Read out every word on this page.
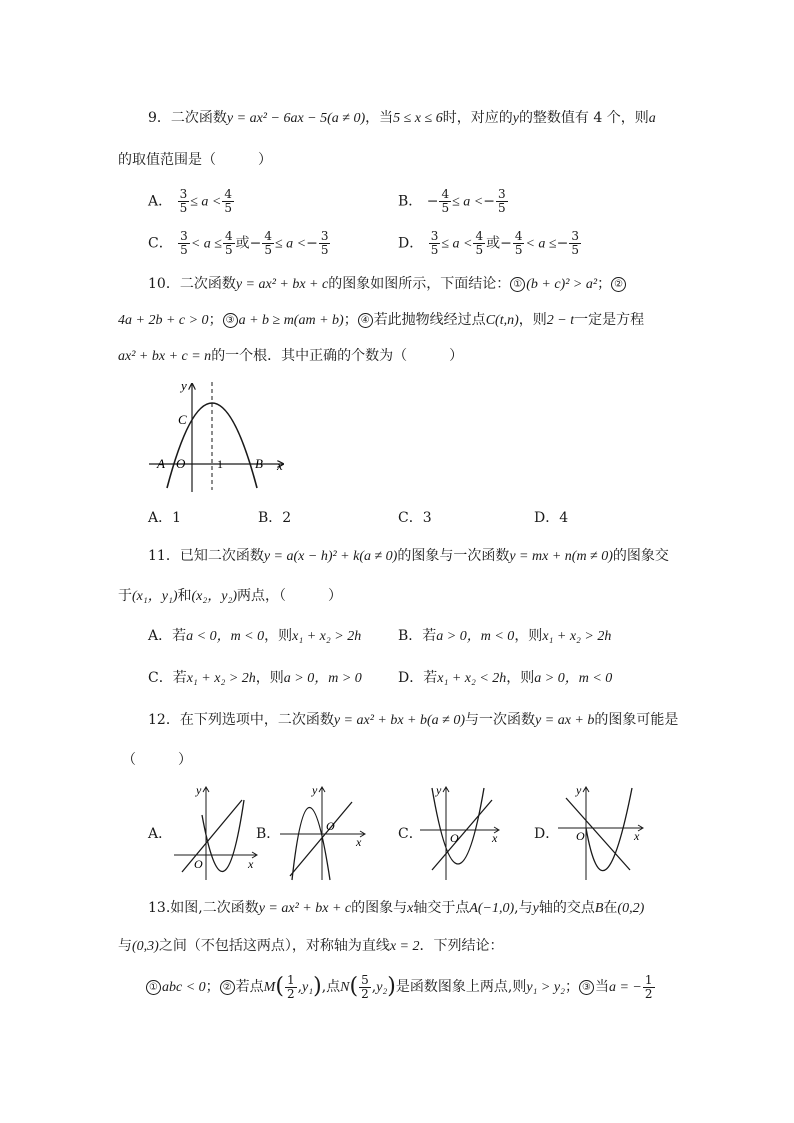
9．二次函数y = ax² − 6ax − 5(a ≠ 0)，当5 ≤ x ≤ 6时，对应的y的整数值有 4 个，则a
的取值范围是（　　　）
A． $\frac{3}{5} \le a < \frac{4}{5}$	B． − $\frac{4}{5} \le a <- \frac{3}{5}$
C． $\frac{3}{5} < a \le \frac{4}{5}$ 或− $\frac{4}{5} \le a <- \frac{3}{5}$	D． $\frac{3}{5} \le a < \frac{4}{5}$ 或− $\frac{4}{5} < a \le- \frac{3}{5}$
10．二次函数y = ax² + bx + c的图象如图所示，下面结论： ① (b + c)² > a²； ②
4a + 2b + c > 0； ③ a + b ≥ m(am + b)； ④ 若此抛物线经过点C(t,n)，则2 − t一定是方程
ax² + bx + c = n的一个根．其中正确的个数为（　　　）
y
x
C
A O	1 B
A．1	B．2	C．3	D．4
11．已知二次函数y = a(x − h)² + k(a ≠ 0)的图象与一次函数y = mx + n(m ≠ 0)的图象交
于(x₁，y₁)和(x₂，y₂)两点，（　　　）
A．若a < 0，m < 0，则x₁ + x₂ > 2h	B．若a > 0，m < 0，则x₁ + x₂ > 2h
C．若x₁ + x₂ > 2h，则a > 0，m > 0	D．若x₁ + x₂ < 2h，则a > 0，m < 0
12．在下列选项中，二次函数y = ax² + bx + b(a ≠ 0)与一次函数y = ax + b的图象可能是
（　　　）
A．
y
x
O
B．
y
x
O	C．
y
x
O	D．
y
x
O
13.如图,二次函数y = ax² + bx + c的图象与x轴交于点A(−1,0),与y轴的交点B在(0,2)
与(0,3)之间（不包括这两点），对称轴为直线x = 2．下列结论：
① abc < 0； ② 若点$M( \frac{1}{2} ,y_1)$,点$N( \frac{5}{2} ,y_2)$是函数图象上两点,则y₁ > y₂； ③ 当a = − $\frac{1}{2}$
